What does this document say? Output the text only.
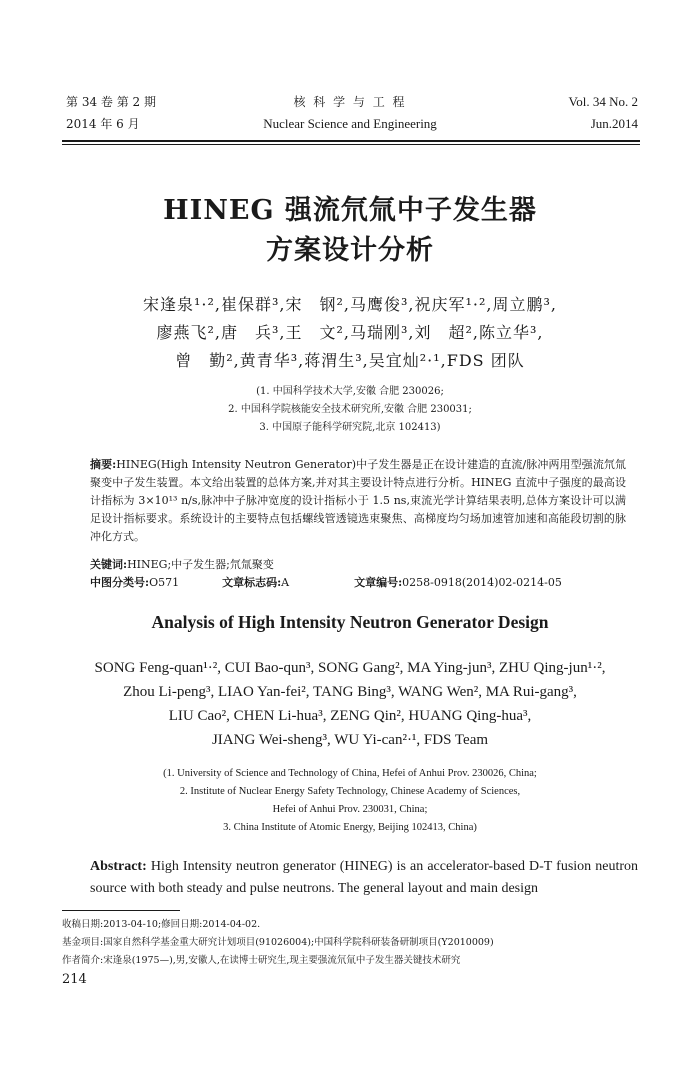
第 34 卷 第 2 期
2014 年 6 月
核 科 学 与 工 程
Nuclear Science and Engineering
Vol. 34 No. 2
Jun.2014
HINEG 强流氘氚中子发生器
方案设计分析
宋逢泉¹·²,崔保群³,宋　钢²,马鹰俊³,祝庆军¹·²,周立鹏³,
廖燕飞²,唐　兵³,王　文²,马瑞刚³,刘　超²,陈立华³,
曾　勤²,黄青华³,蒋渭生³,吴宜灿²·¹,FDS 团队
(1. 中国科学技术大学,安徽 合肥 230026;
2. 中国科学院核能安全技术研究所,安徽 合肥 230031;
3. 中国原子能科学研究院,北京 102413)
摘要:HINEG(High Intensity Neutron Generator)中子发生器是正在设计建造的直流/脉冲两用型强流氘氚聚变中子发生装置。本文给出装置的总体方案,并对其主要设计特点进行分析。HINEG 直流中子强度的最高设计指标为 3×10¹³ n/s,脉冲中子脉冲宽度的设计指标小于 1.5 ns,束流光学计算结果表明,总体方案设计可以满足设计指标要求。系统设计的主要特点包括螺线管透镜选束聚焦、高梯度均匀场加速管加速和高能段切割的脉冲化方式。
关键词:HINEG;中子发生器;氘氚聚变
中图分类号:O571	文章标志码:A	文章编号:0258-0918(2014)02-0214-05
Analysis of High Intensity Neutron Generator Design
SONG Feng-quan¹·², CUI Bao-qun³, SONG Gang², MA Ying-jun³, ZHU Qing-jun¹·²,
Zhou Li-peng³, LIAO Yan-fei², TANG Bing³, WANG Wen², MA Rui-gang³,
LIU Cao², CHEN Li-hua³, ZENG Qin², HUANG Qing-hua³,
JIANG Wei-sheng³, WU Yi-can²·¹, FDS Team
(1. University of Science and Technology of China, Hefei of Anhui Prov. 230026, China;
2. Institute of Nuclear Energy Safety Technology, Chinese Academy of Sciences,
Hefei of Anhui Prov. 230031, China;
3. China Institute of Atomic Energy, Beijing 102413, China)
Abstract: High Intensity neutron generator (HINEG) is an accelerator-based D-T fusion neutron source with both steady and pulse neutrons. The general layout and main design
收稿日期:2013-04-10;修回日期:2014-04-02.
基金项目:国家自然科学基金重大研究计划项目(91026004);中国科学院科研装备研制项目(Y2010009)
作者简介:宋逢泉(1975—),男,安徽人,在读博士研究生,现主要强流氘氚中子发生器关键技术研究
214
